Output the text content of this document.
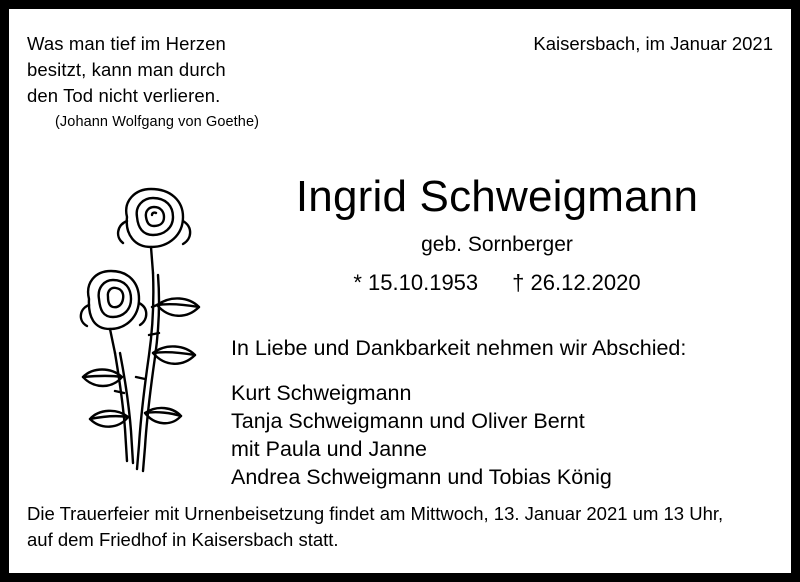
Was man tief im Herzen
besitzt, kann man durch
den Tod nicht verlieren.
(Johann Wolfgang von Goethe)
Kaisersbach, im Januar 2021
Ingrid Schweigmann
geb. Sornberger
* 15.10.1953 † 26.12.2020
In Liebe und Dankbarkeit nehmen wir Abschied:
Kurt Schweigmann
Tanja Schweigmann und Oliver Bernt
mit Paula und Janne
Andrea Schweigmann und Tobias König
Die Trauerfeier mit Urnenbeisetzung findet am Mittwoch, 13. Januar 2021 um 13 Uhr,
auf dem Friedhof in Kaisersbach statt.
